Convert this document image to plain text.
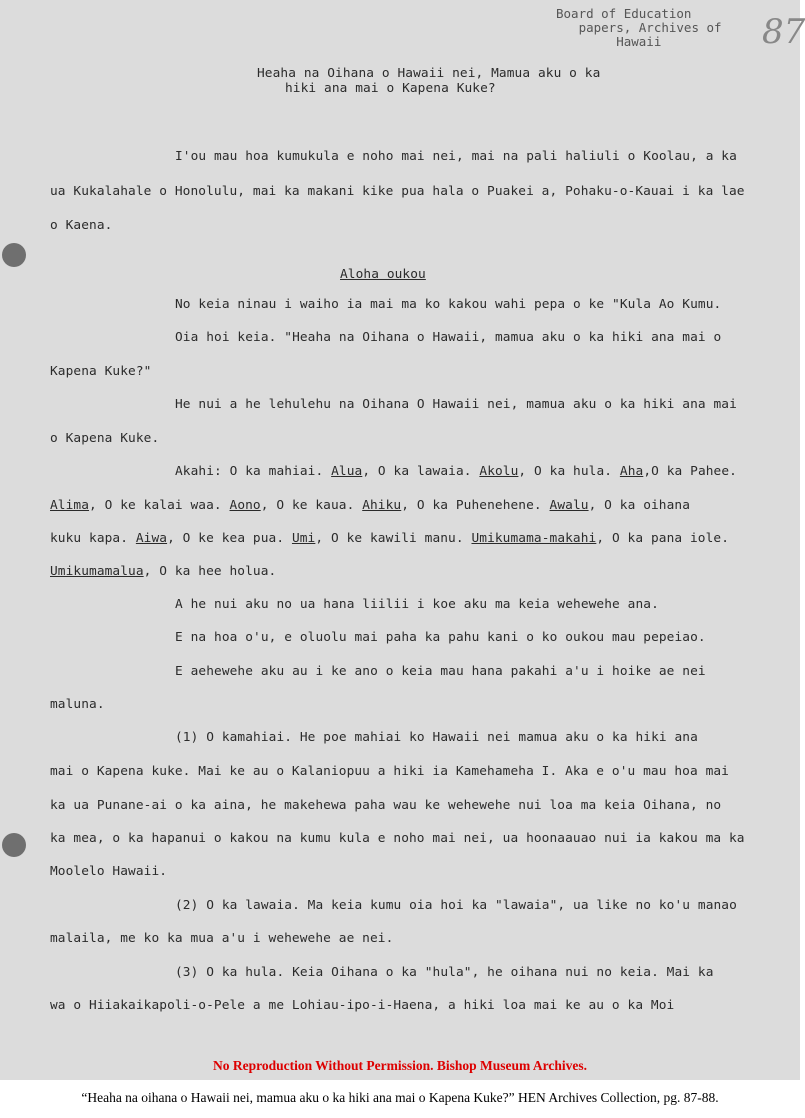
Board of Education
papers, Archives of
Hawaii	87
Heaha na Oihana o Hawaii nei, Mamua aku o ka
hiki ana mai o Kapena Kuke?
I'ou mau hoa kumukula e noho mai nei, mai na pali haliuli o Koolau, a ka
ua Kukalahale o Honolulu, mai ka makani kike pua hala o Puakei a, Pohaku-o-Kauai i ka lae
o Kaena.
Aloha oukou
No keia ninau i waiho ia mai ma ko kakou wahi pepa o ke "Kula Ao Kumu.
Oia hoi keia. "Heaha na Oihana o Hawaii, mamua aku o ka hiki ana mai o
Kapena Kuke?"
He nui a he lehulehu na Oihana O Hawaii nei, mamua aku o ka hiki ana mai
o Kapena Kuke.
Akahi: O ka mahiai. Alua, O ka lawaia. Akolu, O ka hula. Aha,O ka Pahee.
Alima, O ke kalai waa. Aono, O ke kaua. Ahiku, O ka Puhenehene. Awalu, O ka oihana
kuku kapa. Aiwa, O ke kea pua. Umi, O ke kawili manu. Umikumama-makahi, O ka pana iole.
Umikumamalua, O ka hee holua.
A he nui aku no ua hana liilii i koe aku ma keia wehewehe ana.
E na hoa o'u, e oluolu mai paha ka pahu kani o ko oukou mau pepeiao.
E aehewehe aku au i ke ano o keia mau hana pakahi a'u i hoike ae nei
maluna.
(1) O kamahiai. He poe mahiai ko Hawaii nei mamua aku o ka hiki ana
mai o Kapena kuke. Mai ke au o Kalaniopuu a hiki ia Kamehameha I. Aka e o'u mau hoa mai
ka ua Punane-ai o ka aina, he makehewa paha wau ke wehewehe nui loa ma keia Oihana, no
ka mea, o ka hapanui o kakou na kumu kula e noho mai nei, ua hoonaauao nui ia kakou ma ka
Moolelo Hawaii.
(2) O ka lawaia. Ma keia kumu oia hoi ka "lawaia", ua like no ko'u manao
malaila, me ko ka mua a'u i wehewehe ae nei.
(3) O ka hula. Keia Oihana o ka "hula", he oihana nui no keia. Mai ka
wa o Hiiakaikapoli-o-Pele a me Lohiau-ipo-i-Haena, a hiki loa mai ke au o ka Moi
No Reproduction Without Permission. Bishop Museum Archives.
“Heaha na oihana o Hawaii nei, mamua aku o ka hiki ana mai o Kapena Kuke?” HEN Archives Collection, pg. 87-88.
